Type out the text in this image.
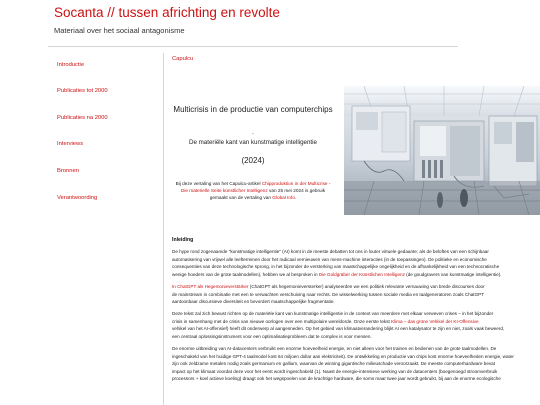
Socanta // tussen africhting en revolte
Materiaal over het sociaal antagonisme
Introductie
Publicaties tot 2000
Publicaties na 2000
Interviews
Bronnen
Verantwoording
Capulcu
Multicrisis in de productie van computerchips
.
De materiële kant van kunstmatige intelligentie
(2024)
Bij deze vertaling van het Capulcu-artikel Chipproduktion in der Multicrise - Die materielle Seite künstlicher Intelligenz van 25 mei 2024 is gebruik gemaakt van de vertaling van Global Info.
Inleiding
De hype rond zogenaamde "kunstmatige intelligentie" (AI) komt in de meeste debatten tot ons in louter virtuele gedaante; als de beloftes van een schijnbaar
automatisering van vrijwel alle leefterreinen door het radicaal vernieuwen van mens-machine interacties (in de toepassingen). De politieke en economische
consequenties van deze technologische sprong, in het bijzonder de versterking van maatschappelijke ongelijkheid en de afhankelijkheid van een technocratische
wenige hoeders van de grote taalmodellen), hebben we al besproken in Die Goldgräber der Künstlichen Intelligenz (de goudgravers van kunstmatige intelligentie).
In ChatGPT als Hegemonieverstärker (ChatGPT als hegemonieversterker) analyseerden we een politiek relevante vernauwing van brede discoursen door
de mainstream in combinatie met een te verwachten verschuiving naar rechts. De wisselwerking tussen sociale media en taalgeneratoren zoals ChatGPT
aantoonbaar discursieve diversiteit en bevordert maatschappelijke fragmentatie.
Deze tekst zal zich bewust richten op de materiële kant van kunstmatige intelligentie in de context van meerdere met elkaar verweven crises – in het bijzonder
crisis in samenhang met de crisis van nieuwe oorlogen over een multipolaire wereldorde. Onze eerste tekst Klima – das grüne Vehikel der KI-Offensive
vehikel van het AI-offensief) heeft dit onderwerp al aangesneden. Op het gebied van klimaatverandering blijkt AI een katalysator te zijn en niet, zoals vaak beweerd,
een centraal oplossingsinstrument voor een optimalisatieprobleem dat te complex is voor mensen.
De enorme uitbreiding van AI-datacenters verbruikt een enorme hoeveelheid energie, en niet alleen voor het trainen en bedienen van de grote taalmodellen. De
ingeschakeld van het huidige GPT-4 taalmodel kost 64 miljoen dollar aan elektriciteit). De ontwikkeling en productie van chips kost enorme hoeveelheden energie, water
zijn ook zeldzame metalen nodig zoals germanium en gallium, waarvan de winning gigantische milieuschade veroorzaakt. De meeste computerhardware bevat
impact op het klimaat voordat deze voor het eerst wordt ingeschakeld (1). Naast de energie-intensieve werking van de datacenters (boegenoegd stroomverbruik
processors + koel actieve koeling) draagt ook het wegspoelen van de krachtige hardware, die soms maar twee jaar wordt gebruikt, bij aan de enorme ecologische
